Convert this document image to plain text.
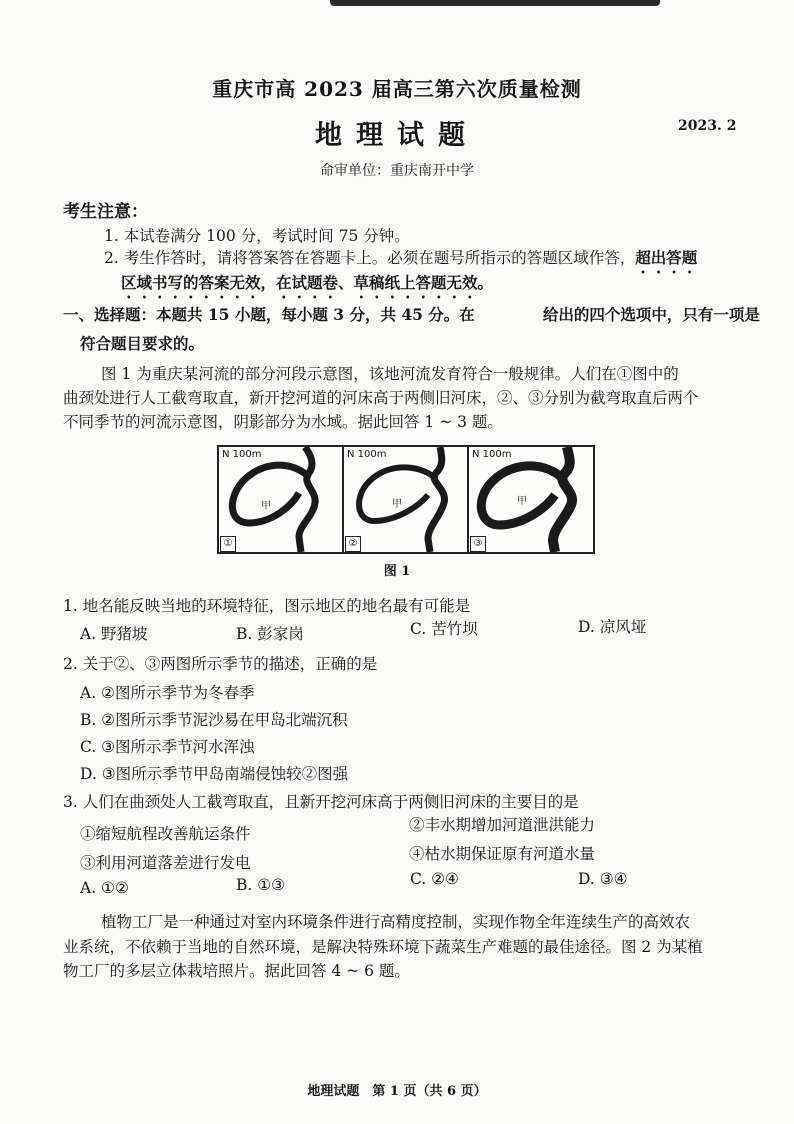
重庆市高 2023 届高三第六次质量检测
地理试题	2023. 2
命审单位：重庆南开中学
考生注意：
1. 本试卷满分 100 分，考试时间 75 分钟。
2. 考生作答时，请将答案答在答题卡上。必须在题号所指示的答题区域作答，超出答题
区域书写的答案无效，在试题卷、草稿纸上答题无效。
一、选择题：本题共 15 小题，每小题 3 分，共 45 分。在	给出的四个选项中，只有一项是
符合题目要求的。
图 1 为重庆某河流的部分河段示意图，该地河流发育符合一般规律。人们在①图中的
曲颈处进行人工截弯取直，新开挖河道的河床高于两侧旧河床，②、③分别为截弯取直后两个
不同季节的河流示意图，阴影部分为水域。据此回答 1 ~ 3 题。
N 100m
甲
①
N 100m
甲
②
N 100m
甲
③
图 1
1. 地名能反映当地的环境特征，图示地区的地名最有可能是
A. 野猪坡	B. 彭家岗	C. 苦竹坝	D. 凉风垭
2. 关于②、③两图所示季节的描述，正确的是
A. ②图所示季节为冬春季
B. ②图所示季节泥沙易在甲岛北端沉积
C. ③图所示季节河水浑浊
D. ③图所示季节甲岛南端侵蚀较②图强
3. 人们在曲颈处人工截弯取直，且新开挖河床高于两侧旧河床的主要目的是
①缩短航程改善航运条件	②丰水期增加河道泄洪能力
③利用河道落差进行发电	④枯水期保证原有河道水量
A. ①②	B. ①③	C. ②④	D. ③④
植物工厂是一种通过对室内环境条件进行高精度控制，实现作物全年连续生产的高效农
业系统，不依赖于当地的自然环境，是解决特殊环境下蔬菜生产难题的最佳途径。图 2 为某植
物工厂的多层立体栽培照片。据此回答 4 ~ 6 题。
地理试题　第 1 页（共 6 页）
